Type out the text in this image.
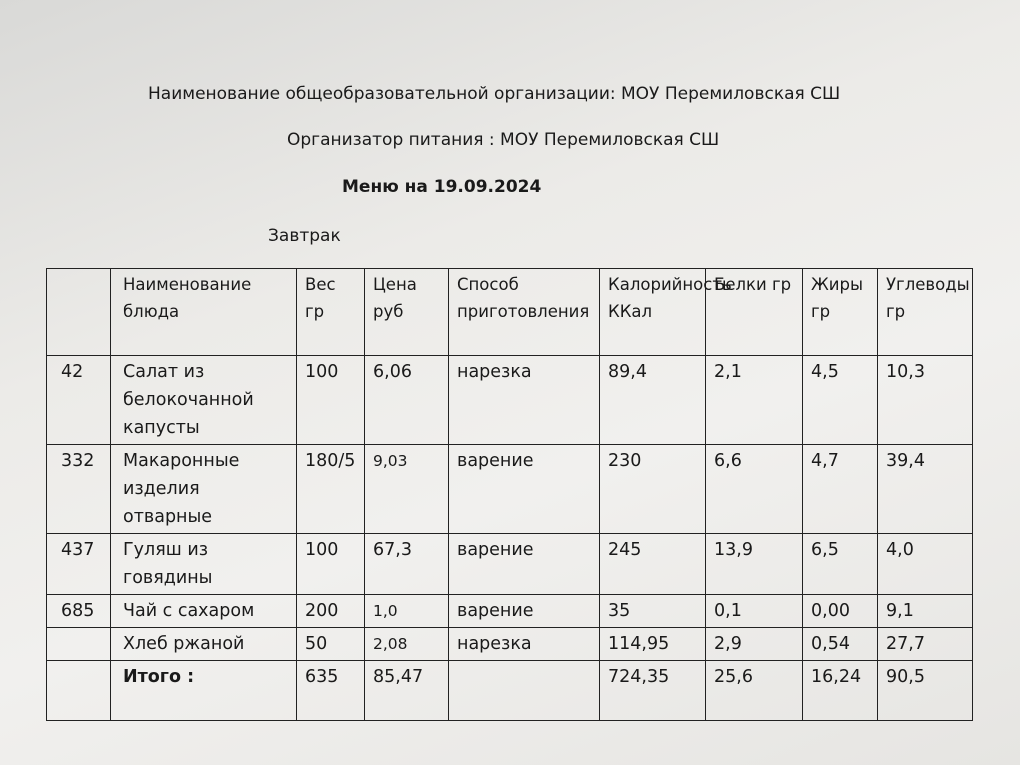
Наименование общеобразовательной организации: МОУ Перемиловская СШ
Организатор питания : МОУ Перемиловская СШ
Меню на 19.09.2024
Завтрак
	Наименование блюда	Вес гр	Цена руб	Способ приготовления	Калорийность ККал	Белки гр	Жиры гр	Углеводы гр
42	Салат из белокочанной капусты	100	6,06	нарезка	89,4	2,1	4,5	10,3
332	Макаронные изделия отварные	180/5	9,03	варение	230	6,6	4,7	39,4
437	Гуляш из говядины	100	67,3	варение	245	13,9	6,5	4,0
685	Чай с сахаром	200	1,0	варение	35	0,1	0,00	9,1
	Хлеб ржаной	50	2,08	нарезка	114,95	2,9	0,54	27,7
	Итого :	635	85,47		724,35	25,6	16,24	90,5
